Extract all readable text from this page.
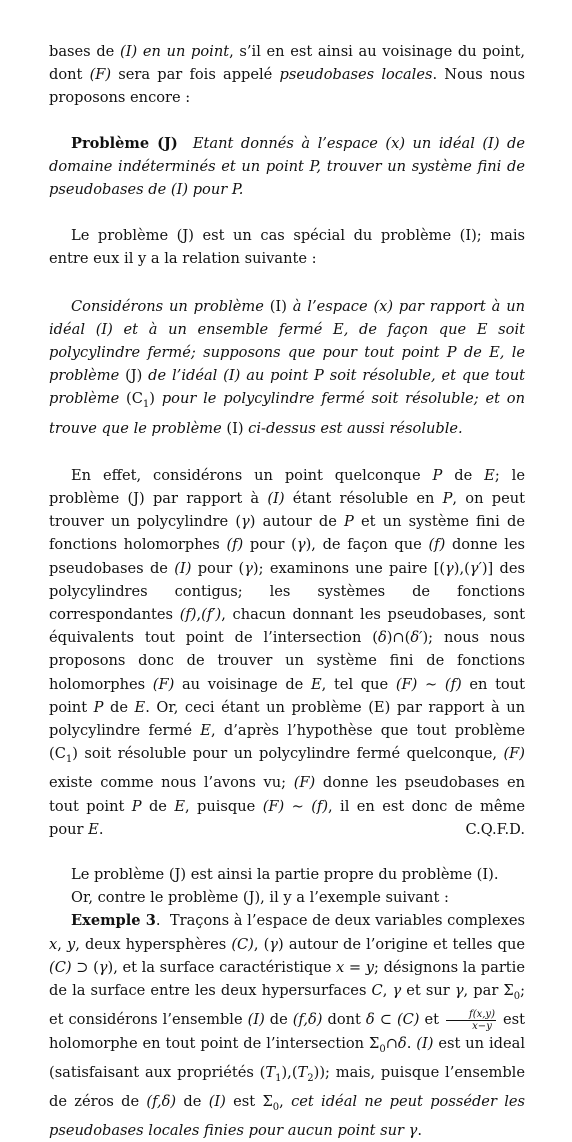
bases de (I) en un point, s’il en est ainsi au voisinage du point, dont (F) sera par fois appelé pseudobases locales. Nous nous proposons encore :

Problème (J) Etant donnés à l’espace (x) un idéal (I) de domaine indéterminés et un point P, trouver un système fini de pseudobases de (I) pour P.

Le problème (J) est un cas spécial du problème (I); mais entre eux il y a la relation suivante :

Considérons un problème (I) à l’espace (x) par rapport à un idéal (I) et à un ensemble fermé E, de façon que E soit polycylindre fermé; supposons que pour tout point P de E, le problème (J) de l’idéal (I) au point P soit résoluble, et que tout problème $(C_1)$ pour le polycylindre fermé soit résoluble; et on trouve que le problème (I) ci-dessus est aussi résoluble.

En effet, considérons un point quelconque P de E; le problème (J) par rapport à (I) étant résoluble en P, on peut trouver un polycylindre (γ) autour de P et un système fini de fonctions holomorphes (f) pour (γ), de façon que (f) donne les pseudobases de (I) pour (γ); examinons une paire [(γ),(γ′)] des polycylindres contigus; les systèmes de fonctions correspondantes (f),(f′), chacun donnant les pseudobases, sont équivalents tout point de l’intersection (δ)∩(δ′); nous nous proposons donc de trouver un système fini de fonctions holomorphes (F) au voisinage de E, tel que (F) ∼ (f) en tout point P de E. Or, ceci étant un problème (E) par rapport à un polycylindre fermé E, d’après l’hypothèse que tout problème $(C_1)$ soit résoluble pour un polycylindre fermé quelconque, (F) existe comme nous l’avons vu; (F) donne les pseudobases en tout point P de E, puisque (F) ∼ (f), il en est donc de même pour E.	C.Q.F.D.

Le problème (J) est ainsi la partie propre du problème (I).

Or, contre le problème (J), il y a l’exemple suivant :

Exemple 3.  Traçons à l’espace de deux variables complexes x, y, deux hypersphères (C), (γ) autour de l’origine et telles que (C) ⊃ (γ), et la surface caractéristique x = y; désignons la partie de la surface entre les deux hypersurfaces C, γ et sur γ, par $\Sigma_0$; et considérons l’ensemble (I) de (f,δ) dont δ ⊂ (C) et $\frac{f(x,y)}{x-y}$ est holomorphe en tout point de l’intersection $\Sigma_0\cap\delta$. (I) est un ideal (satisfaisant aux propriétés $(T_1),(T_2)$); mais, puisque l’ensemble de zéros de (f,δ) de (I) est $\Sigma_0$, cet idéal ne peut posséder les pseudobases locales finies pour aucun point sur γ.
